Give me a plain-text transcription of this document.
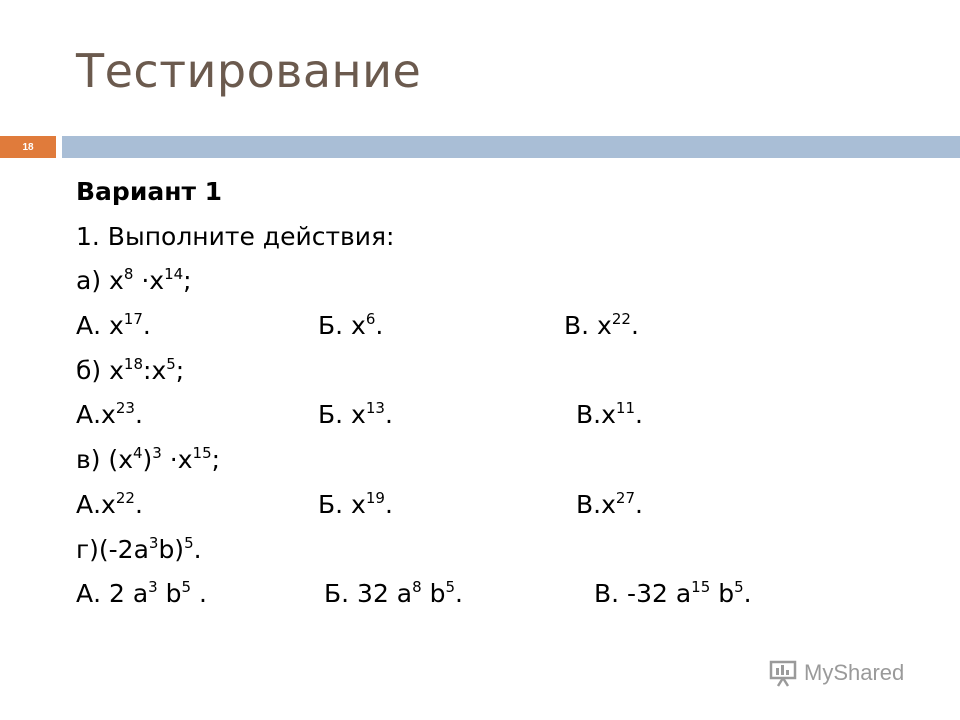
Тестирование
18
Вариант 1
1. Выполните действия:
а) $x^8 \cdot x^{14}$;
А. $x^{17}$.	Б. $x^6$.	В. $x^{22}$.
б) $x^{18}:x^5$;
$А.x^{23}$.	Б. $x^{13}$.	$В.x^{11}$.
в) $(x^4)^3 \cdot x^{15}$;
$А.x^{22}$.	Б. $x^{19}$.	$В.x^{27}$.
$г)(-2a^3b)^5$.
А. 2 $a^3$ $b^5$ .	Б. 32 $a^8$ $b^5$.	В. -32 $a^{15}$ $b^5$.
MyShared
